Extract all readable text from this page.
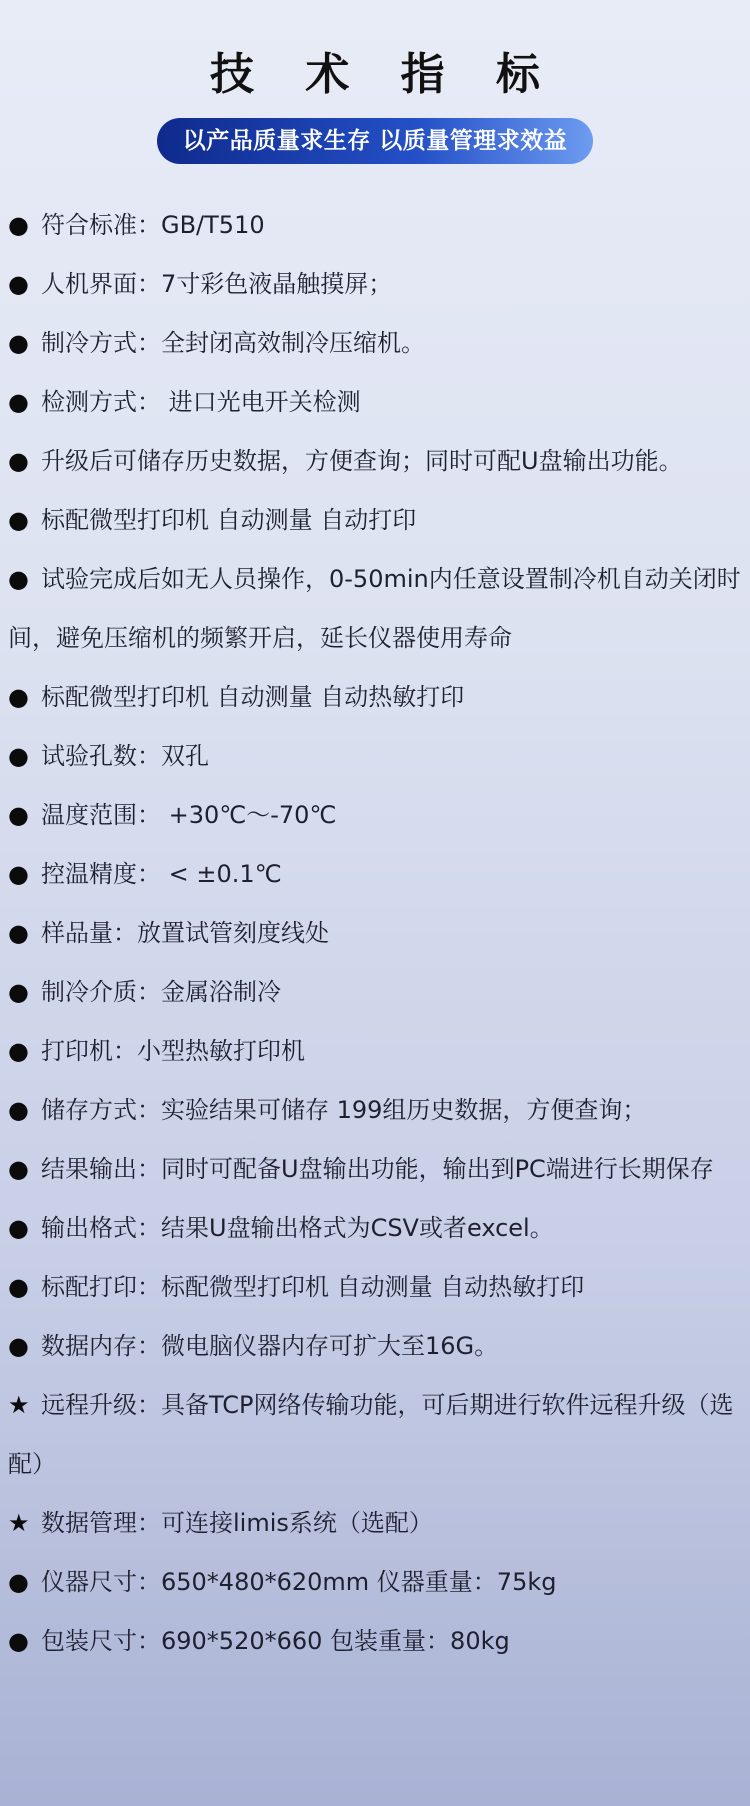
技 术 指 标
以产品质量求生存 以质量管理求效益
● 符合标准：GB/T510
● 人机界面：7寸彩色液晶触摸屏；
● 制冷方式：全封闭高效制冷压缩机。
● 检测方式： 进口光电开关检测
● 升级后可储存历史数据，方便查询；同时可配U盘输出功能。
● 标配微型打印机 自动测量 自动打印
● 试验完成后如无人员操作，0-50min内任意设置制冷机自动关闭时间，避免压缩机的频繁开启，延长仪器使用寿命
● 标配微型打印机 自动测量 自动热敏打印
● 试验孔数：双孔
● 温度范围： +30℃～-70℃
● 控温精度： < ±0.1℃
● 样品量：放置试管刻度线处
● 制冷介质：金属浴制冷
● 打印机：小型热敏打印机
● 储存方式：实验结果可储存 199组历史数据，方便查询；
● 结果输出：同时可配备U盘输出功能，输出到PC端进行长期保存
● 输出格式：结果U盘输出格式为CSV或者excel。
● 标配打印：标配微型打印机 自动测量 自动热敏打印
● 数据内存：微电脑仪器内存可扩大至16G。
★ 远程升级：具备TCP网络传输功能，可后期进行软件远程升级（选配）
★ 数据管理：可连接limis系统（选配）
● 仪器尺寸：650*480*620mm 仪器重量：75kg
● 包装尺寸：690*520*660 包装重量：80kg
